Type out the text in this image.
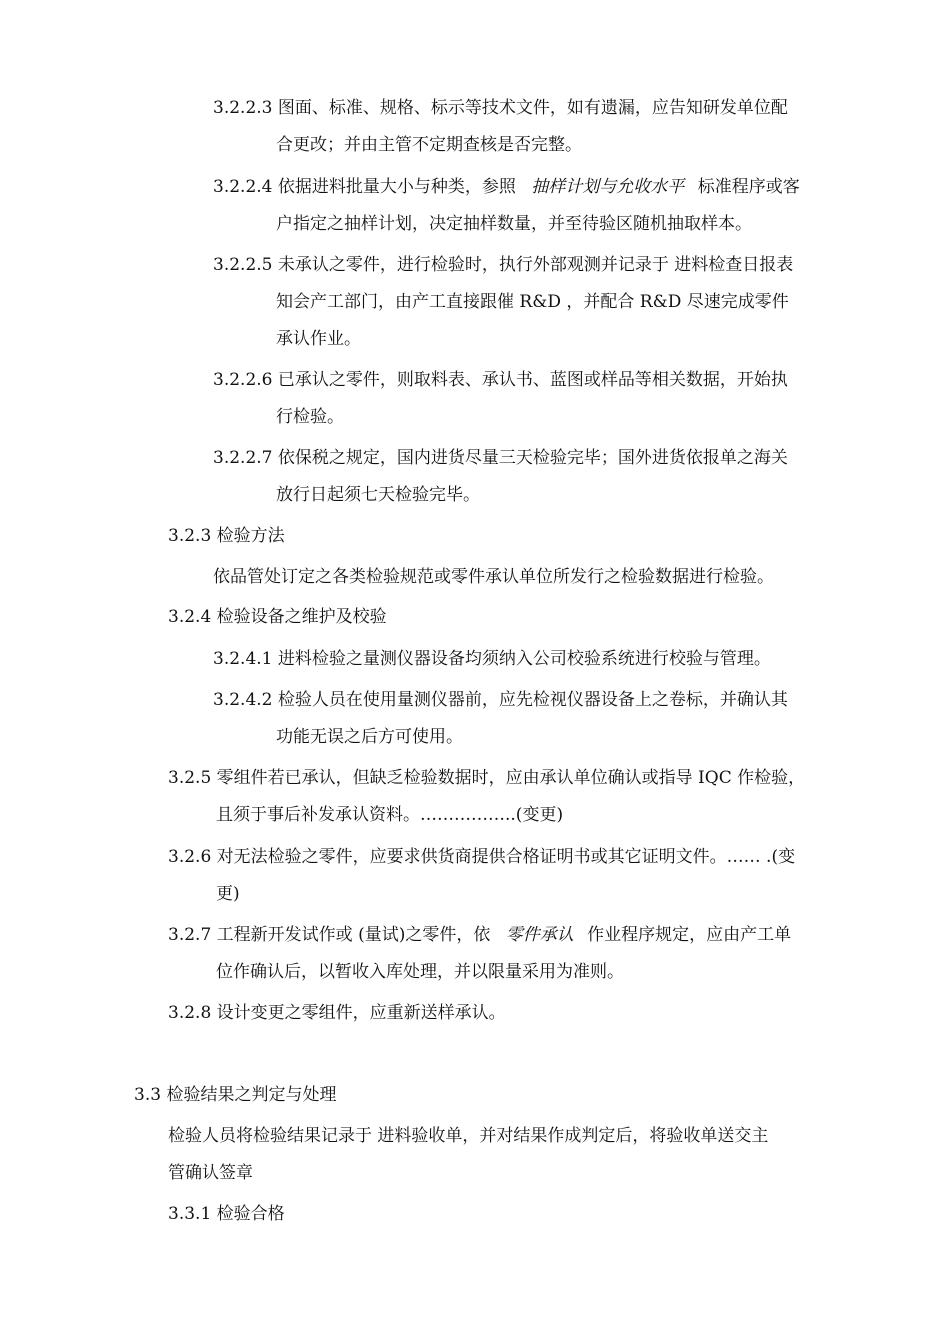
3.2.2.3 图面、标准、规格、标示等技术文件，如有遗漏，应告知研发单位配
合更改；并由主管不定期查核是否完整。
3.2.2.4 依据进料批量大小与种类，参照 抽样计划与允收水平 标准程序或客
户指定之抽样计划，决定抽样数量，并至待验区随机抽取样本。
3.2.2.5 未承认之零件，进行检验时，执行外部观测并记录于 进料检查日报表
知会产工部门，由产工直接跟催 R&D ，并配合 R&D 尽速完成零件
承认作业。
3.2.2.6 已承认之零件，则取料表、承认书、蓝图或样品等相关数据，开始执
行检验。
3.2.2.7 依保税之规定，国内进货尽量三天检验完毕；国外进货依报单之海关
放行日起须七天检验完毕。
3.2.3 检验方法
依品管处订定之各类检验规范或零件承认单位所发行之检验数据进行检验。
3.2.4 检验设备之维护及校验
3.2.4.1 进料检验之量测仪器设备均须纳入公司校验系统进行校验与管理。
3.2.4.2 检验人员在使用量测仪器前，应先检视仪器设备上之卷标，并确认其
功能无误之后方可使用。
3.2.5 零组件若已承认，但缺乏检验数据时，应由承认单位确认或指导 IQC 作检验，
且须于事后补发承认资料。……………..(变更)
3.2.6 对无法检验之零件，应要求供货商提供合格证明书或其它证明文件。…… .(变
更)
3.2.7 工程新开发试作或 (量试)之零件，依 零件承认 作业程序规定，应由产工单
位作确认后，以暂收入库处理，并以限量采用为准则。
3.2.8 设计变更之零组件，应重新送样承认。
3.3 检验结果之判定与处理
检验人员将检验结果记录于 进料验收单，并对结果作成判定后，将验收单送交主
管确认签章
3.3.1 检验合格
